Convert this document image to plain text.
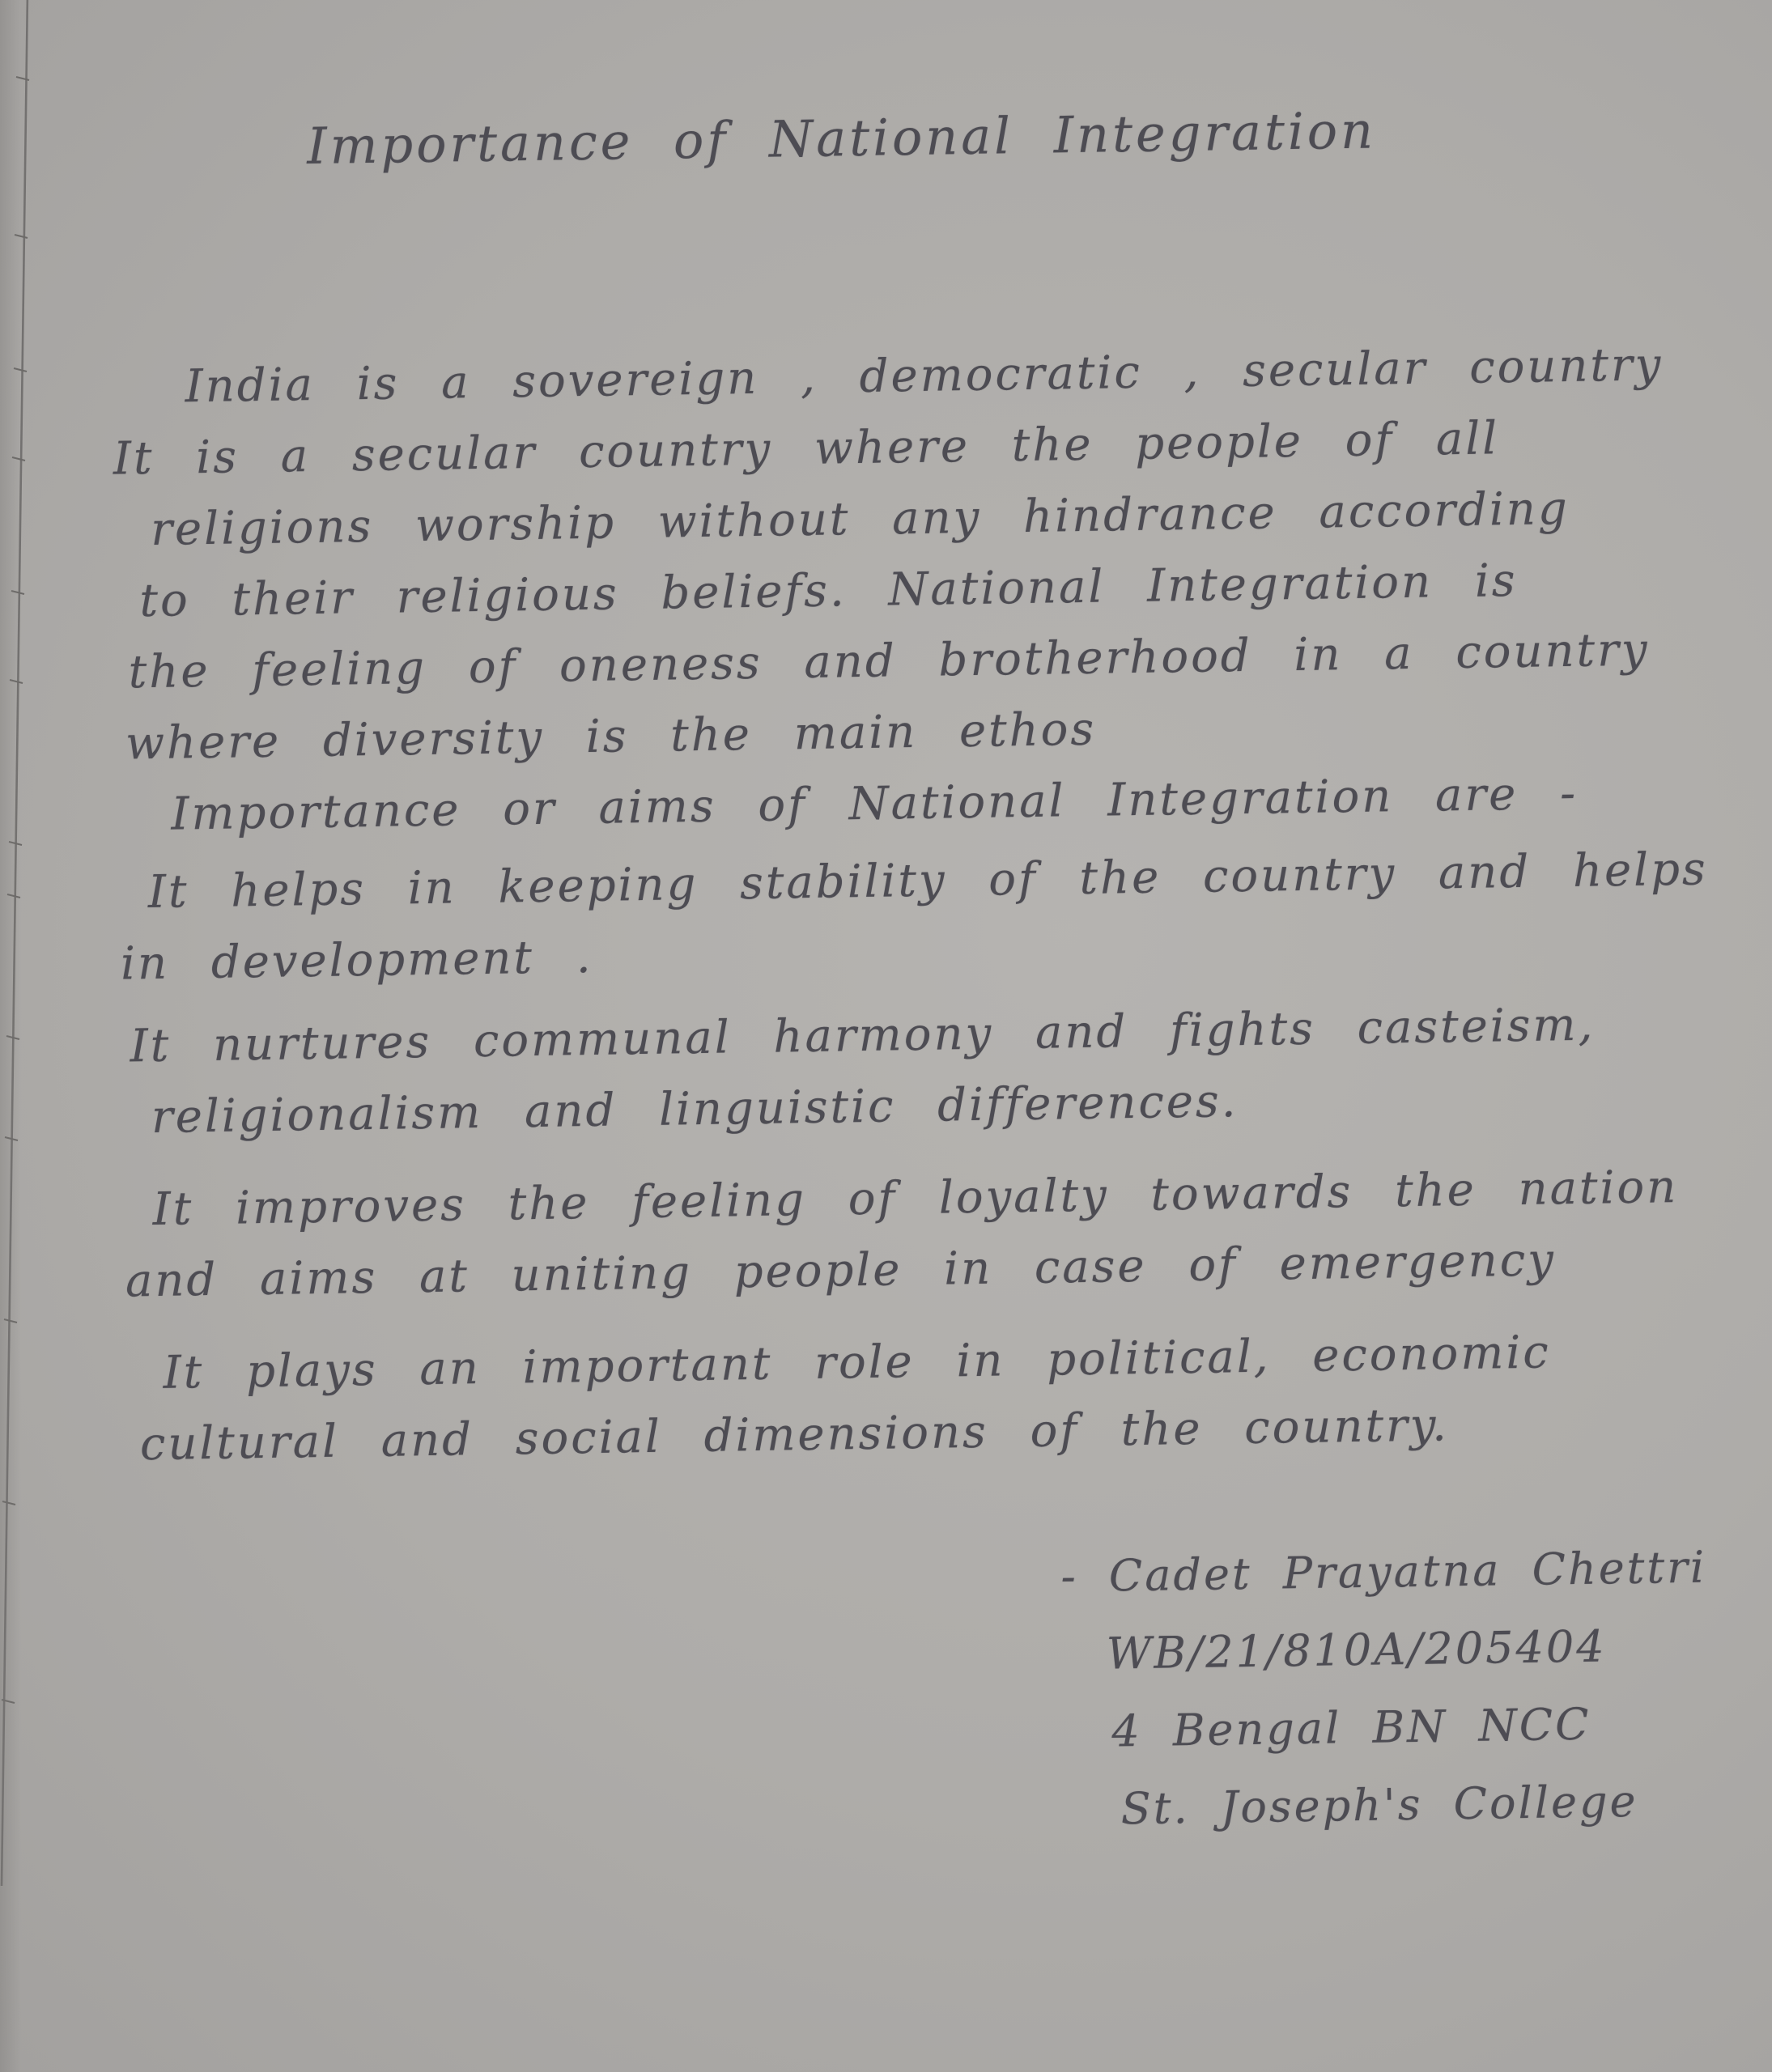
Importance of National Integration
India is a sovereign , democratic , secular country
It is a secular country where the people of all
religions worship without any hindrance according
to their religious beliefs. National Integration is
the feeling of oneness and brotherhood in a country
where diversity is the main ethos
Importance or aims of National Integration are -
It helps in keeping stability of the country and helps
in development .
It nurtures communal harmony and fights casteism,
religionalism and linguistic differences.
It improves the feeling of loyalty towards the nation
and aims at uniting people in case of emergency
It plays an important role in political, economic
cultural and social dimensions of the country.
- Cadet Prayatna Chettri
WB/21/810A/205404
4 Bengal BN NCC
St. Joseph's College
